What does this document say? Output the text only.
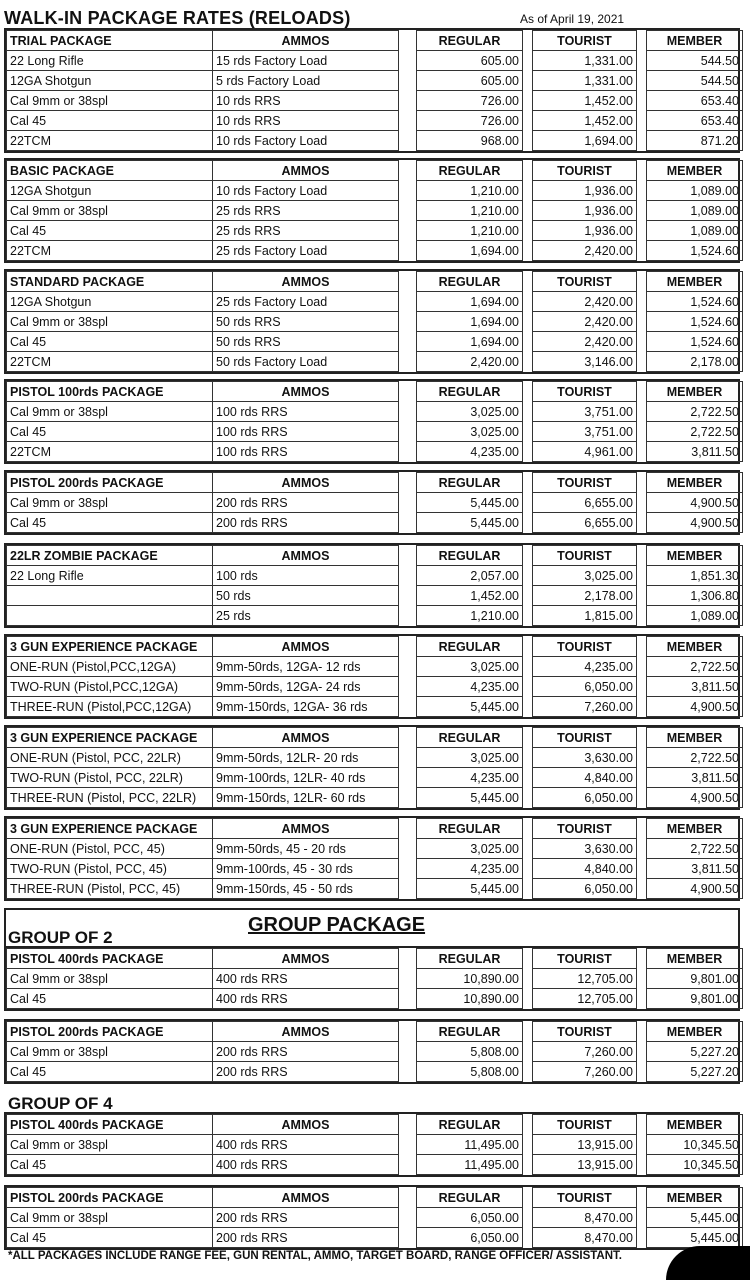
WALK-IN PACKAGE RATES (RELOADS)	As of April 19, 2021
GROUP PACKAGE
GROUP OF 2
GROUP OF 4
TRIAL PACKAGE	AMMOS		REGULAR		TOURIST		MEMBER
22 Long Rifle	15 rds Factory Load		605.00		1,331.00		544.50
12GA Shotgun	5 rds Factory Load		605.00		1,331.00		544.50
Cal 9mm or 38spl	10 rds RRS		726.00		1,452.00		653.40
Cal 45	10 rds RRS		726.00		1,452.00		653.40
22TCM	10 rds Factory Load		968.00		1,694.00		871.20
BASIC PACKAGE	AMMOS		REGULAR		TOURIST		MEMBER
12GA Shotgun	10 rds Factory Load		1,210.00		1,936.00		1,089.00
Cal 9mm or 38spl	25 rds RRS		1,210.00		1,936.00		1,089.00
Cal 45	25 rds RRS		1,210.00		1,936.00		1,089.00
22TCM	25 rds Factory Load		1,694.00		2,420.00		1,524.60
STANDARD PACKAGE	AMMOS		REGULAR		TOURIST		MEMBER
12GA Shotgun	25 rds Factory Load		1,694.00		2,420.00		1,524.60
Cal 9mm or 38spl	50 rds RRS		1,694.00		2,420.00		1,524.60
Cal 45	50 rds RRS		1,694.00		2,420.00		1,524.60
22TCM	50 rds Factory Load		2,420.00		3,146.00		2,178.00
PISTOL 100rds PACKAGE	AMMOS		REGULAR		TOURIST		MEMBER
Cal 9mm or 38spl	100 rds RRS		3,025.00		3,751.00		2,722.50
Cal 45	100 rds RRS		3,025.00		3,751.00		2,722.50
22TCM	100 rds RRS		4,235.00		4,961.00		3,811.50
PISTOL 200rds PACKAGE	AMMOS		REGULAR		TOURIST		MEMBER
Cal 9mm or 38spl	200 rds RRS		5,445.00		6,655.00		4,900.50
Cal 45	200 rds RRS		5,445.00		6,655.00		4,900.50
22LR ZOMBIE PACKAGE	AMMOS		REGULAR		TOURIST		MEMBER
22 Long Rifle	100 rds		2,057.00		3,025.00		1,851.30
	50 rds		1,452.00		2,178.00		1,306.80
	25 rds		1,210.00		1,815.00		1,089.00
3 GUN EXPERIENCE PACKAGE	AMMOS		REGULAR		TOURIST		MEMBER
ONE-RUN (Pistol,PCC,12GA)	9mm-50rds, 12GA- 12 rds		3,025.00		4,235.00		2,722.50
TWO-RUN (Pistol,PCC,12GA)	9mm-50rds, 12GA- 24 rds		4,235.00		6,050.00		3,811.50
THREE-RUN (Pistol,PCC,12GA)	9mm-150rds, 12GA- 36 rds		5,445.00		7,260.00		4,900.50
3 GUN EXPERIENCE PACKAGE	AMMOS		REGULAR		TOURIST		MEMBER
ONE-RUN (Pistol, PCC, 22LR)	9mm-50rds, 12LR- 20 rds		3,025.00		3,630.00		2,722.50
TWO-RUN (Pistol, PCC, 22LR)	9mm-100rds, 12LR- 40 rds		4,235.00		4,840.00		3,811.50
THREE-RUN (Pistol, PCC, 22LR)	9mm-150rds, 12LR- 60 rds		5,445.00		6,050.00		4,900.50
3 GUN EXPERIENCE PACKAGE	AMMOS		REGULAR		TOURIST		MEMBER
ONE-RUN (Pistol, PCC, 45)	9mm-50rds, 45 - 20 rds		3,025.00		3,630.00		2,722.50
TWO-RUN (Pistol, PCC, 45)	9mm-100rds, 45 - 30 rds		4,235.00		4,840.00		3,811.50
THREE-RUN (Pistol, PCC, 45)	9mm-150rds, 45 - 50 rds		5,445.00		6,050.00		4,900.50
PISTOL 400rds PACKAGE	AMMOS		REGULAR		TOURIST		MEMBER
Cal 9mm or 38spl	400 rds RRS		10,890.00		12,705.00		9,801.00
Cal 45	400 rds RRS		10,890.00		12,705.00		9,801.00
PISTOL 200rds PACKAGE	AMMOS		REGULAR		TOURIST		MEMBER
Cal 9mm or 38spl	200 rds RRS		5,808.00		7,260.00		5,227.20
Cal 45	200 rds RRS		5,808.00		7,260.00		5,227.20
PISTOL 400rds PACKAGE	AMMOS		REGULAR		TOURIST		MEMBER
Cal 9mm or 38spl	400 rds RRS		11,495.00		13,915.00		10,345.50
Cal 45	400 rds RRS		11,495.00		13,915.00		10,345.50
PISTOL 200rds PACKAGE	AMMOS		REGULAR		TOURIST		MEMBER
Cal 9mm or 38spl	200 rds RRS		6,050.00		8,470.00		5,445.00
Cal 45	200 rds RRS		6,050.00		8,470.00		5,445.00
*ALL PACKAGES INCLUDE RANGE FEE, GUN RENTAL, AMMO, TARGET BOARD, RANGE OFFICER/ ASSISTANT.
